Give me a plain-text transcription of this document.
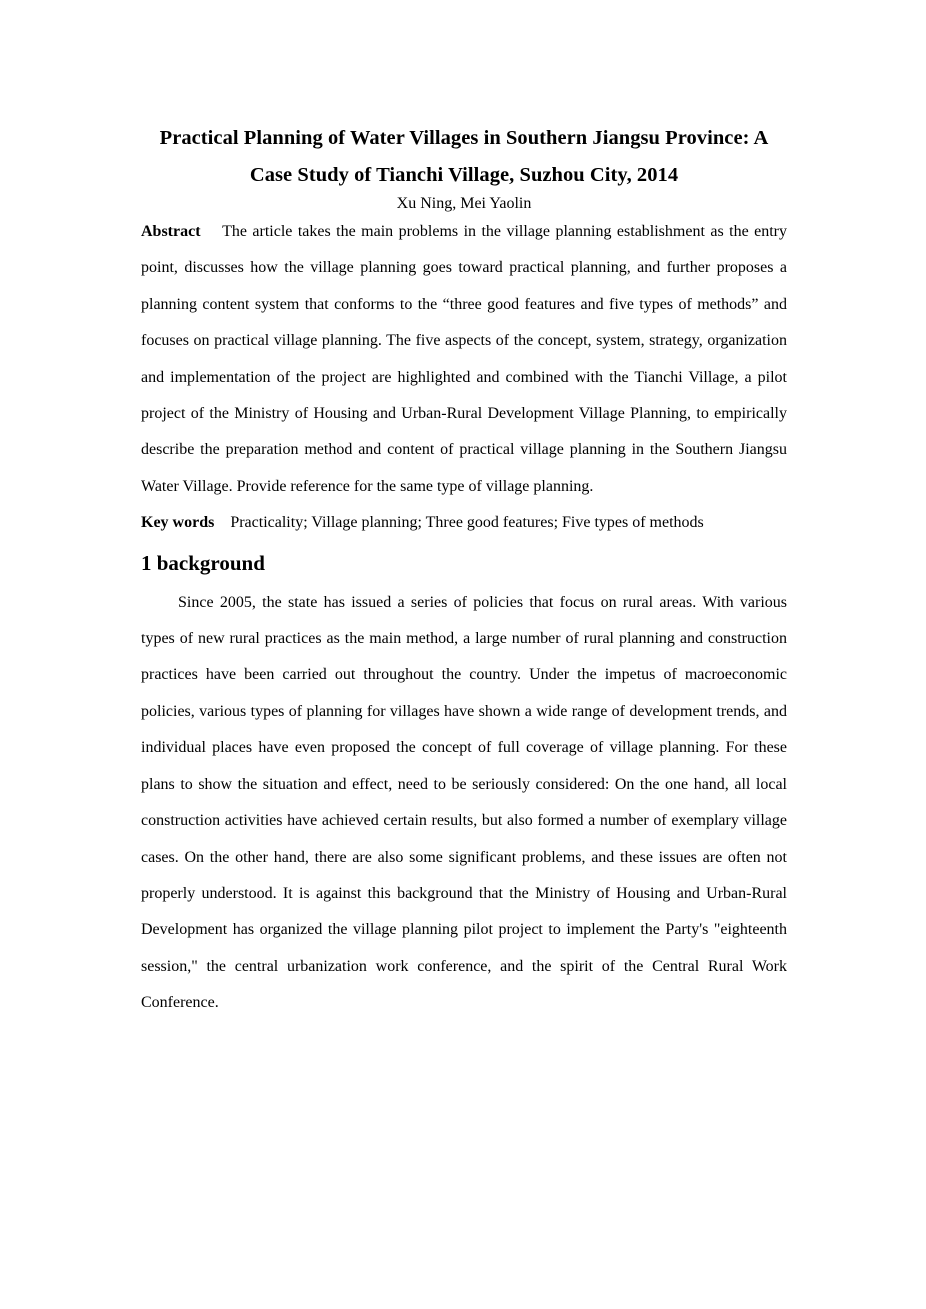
Practical Planning of Water Villages in Southern Jiangsu Province: A Case Study of Tianchi Village, Suzhou City, 2014

Xu Ning, Mei Yaolin

Abstract The article takes the main problems in the village planning establishment as the entry point, discusses how the village planning goes toward practical planning, and further proposes a planning content system that conforms to the “three good features and five types of methods” and focuses on practical village planning. The five aspects of the concept, system, strategy, organization and implementation of the project are highlighted and combined with the Tianchi Village, a pilot project of the Ministry of Housing and Urban-Rural Development Village Planning, to empirically describe the preparation method and content of practical village planning in the Southern Jiangsu Water Village. Provide reference for the same type of village planning.

Key words Practicality; Village planning; Three good features; Five types of methods

1 background

Since 2005, the state has issued a series of policies that focus on rural areas. With various types of new rural practices as the main method, a large number of rural planning and construction practices have been carried out throughout the country. Under the impetus of macroeconomic policies, various types of planning for villages have shown a wide range of development trends, and individual places have even proposed the concept of full coverage of village planning. For these plans to show the situation and effect, need to be seriously considered: On the one hand, all local construction activities have achieved certain results, but also formed a number of exemplary village cases. On the other hand, there are also some significant problems, and these issues are often not properly understood. It is against this background that the Ministry of Housing and Urban-Rural Development has organized the village planning pilot project to implement the Party's "eighteenth session," the central urbanization work conference, and the spirit of the Central Rural Work Conference.
